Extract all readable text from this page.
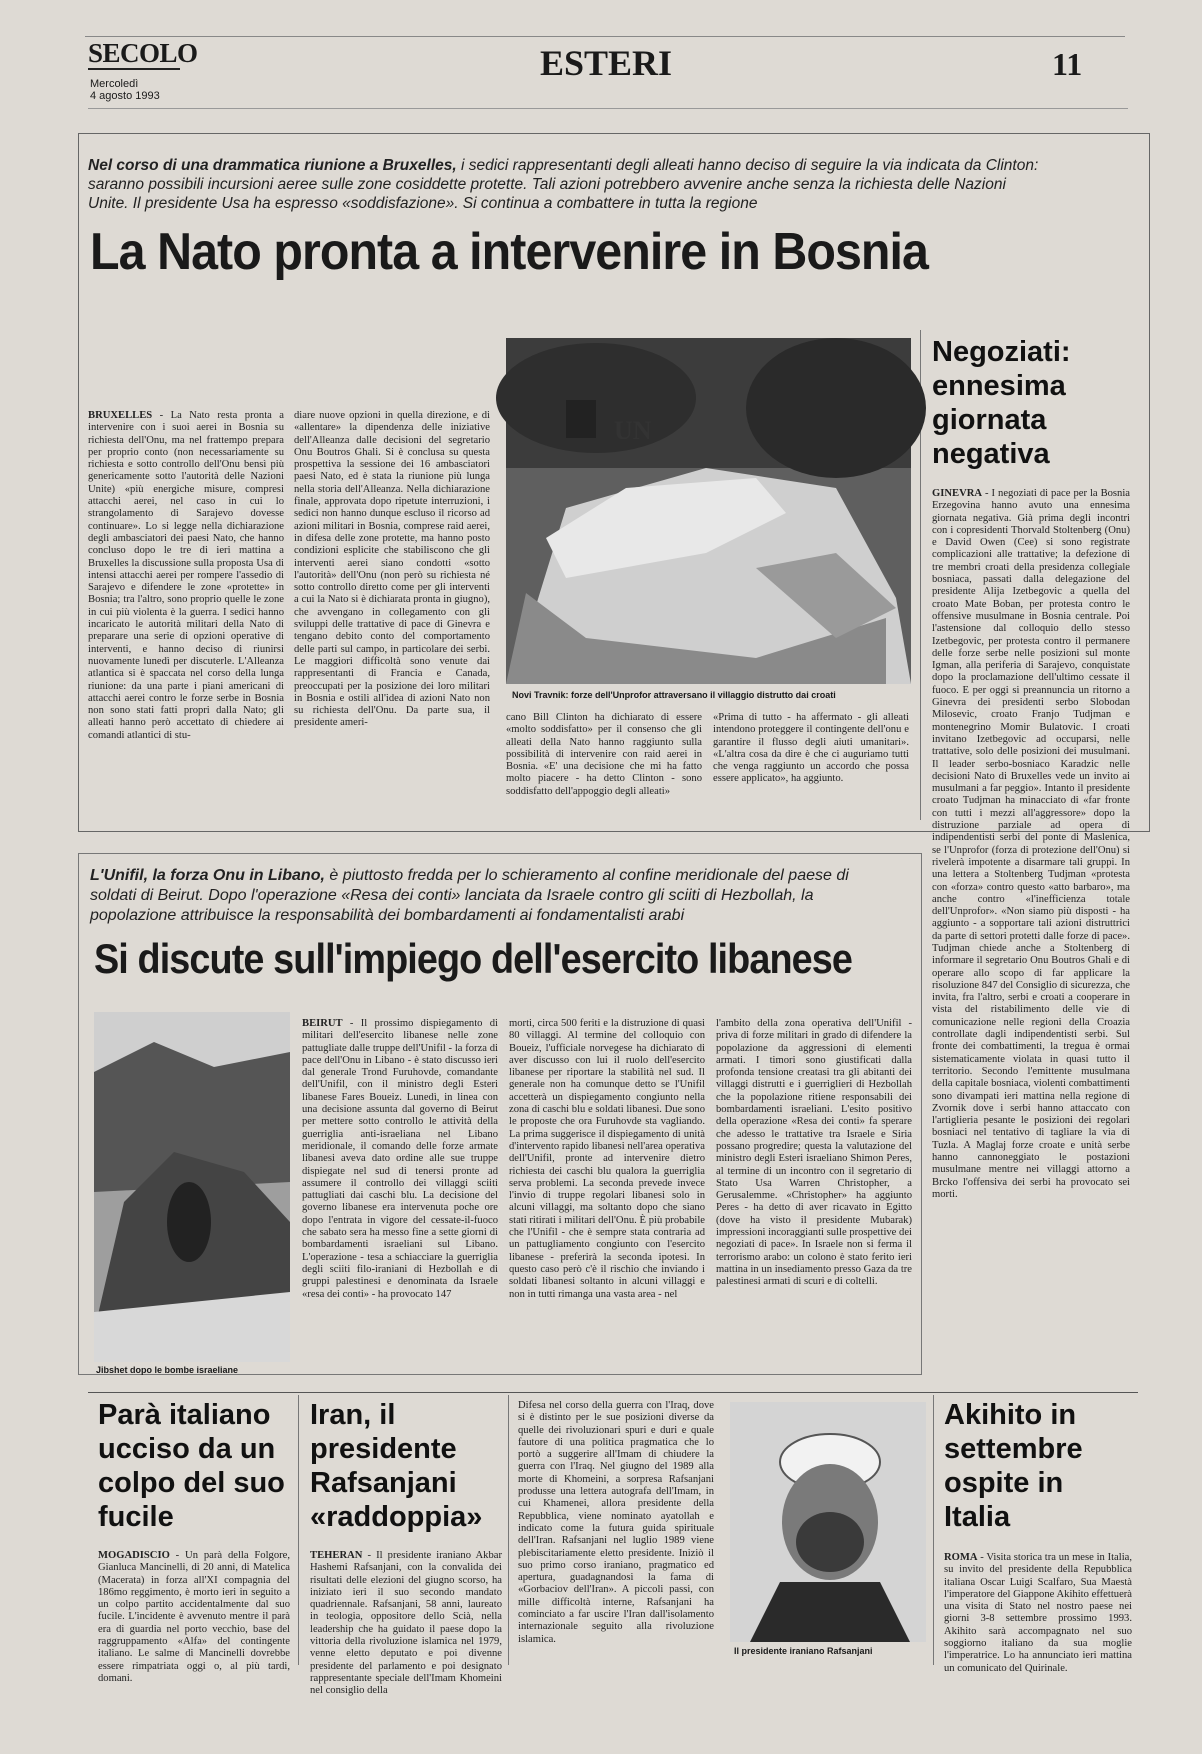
SECOLO
Mercoledì
4 agosto 1993
ESTERI	11
Nel corso di una drammatica riunione a Bruxelles, i sedici rappresentanti degli alleati hanno deciso di seguire la via indicata da Clinton: saranno possibili incursioni aeree sulle zone cosiddette protette. Tali azioni potrebbero avvenire anche senza la richiesta delle Nazioni Unite. Il presidente Usa ha espresso «soddisfazione». Si continua a combattere in tutta la regione
La Nato pronta a intervenire in Bosnia
BRUXELLES - La Nato resta pronta a intervenire con i suoi aerei in Bosnia su richiesta dell'Onu, ma nel frattempo prepara per proprio conto (non necessariamente su richiesta e sotto controllo dell'Onu bensì più genericamente sotto l'autorità delle Nazioni Unite) «più energiche misure, compresi attacchi aerei, nel caso in cui lo strangolamento di Sarajevo dovesse continuare». Lo si legge nella dichiarazione degli ambasciatori dei paesi Nato, che hanno concluso dopo le tre di ieri mattina a Bruxelles la discussione sulla proposta Usa di intensi attacchi aerei per rompere l'assedio di Sarajevo e difendere le zone «protette» in Bosnia; tra l'altro, sono proprio quelle le zone in cui più violenta è la guerra. I sedici hanno incaricato le autorità militari della Nato di preparare una serie di opzioni operative di interventi, e hanno deciso di riunirsi nuovamente lunedì per discuterle. L'Alleanza atlantica si è spaccata nel corso della lunga riunione: da una parte i piani americani di attacchi aerei contro le forze serbe in Bosnia non sono stati fatti propri dalla Nato; gli alleati hanno però accettato di chiedere ai comandi atlantici di stu-
diare nuove opzioni in quella direzione, e di «allentare» la dipendenza delle iniziative dell'Alleanza dalle decisioni del segretario Onu Boutros Ghali. Si è conclusa su questa prospettiva la sessione dei 16 ambasciatori paesi Nato, ed è stata la riunione più lunga nella storia dell'Alleanza. Nella dichiarazione finale, approvata dopo ripetute interruzioni, i sedici non hanno dunque escluso il ricorso ad azioni militari in Bosnia, comprese raid aerei, in difesa delle zone protette, ma hanno posto condizioni esplicite che stabiliscono che gli interventi aerei siano condotti «sotto l'autorità» dell'Onu (non però su richiesta né sotto controllo diretto come per gli interventi a cui la Nato si è dichiarata pronta in giugno), che avvengano in collegamento con gli sviluppi delle trattative di pace di Ginevra e tengano debito conto del comportamento delle parti sul campo, in particolare dei serbi. Le maggiori difficoltà sono venute dai rappresentanti di Francia e Canada, preoccupati per la posizione dei loro militari in Bosnia e ostili all'idea di azioni Nato non su richiesta dell'Onu. Da parte sua, il presidente ameri-
UN
Novi Travnik: forze dell'Unprofor attraversano il villaggio distrutto dai croati
cano Bill Clinton ha dichiarato di essere «molto soddisfatto» per il consenso che gli alleati della Nato hanno raggiunto sulla possibilità di intervenire con raid aerei in Bosnia. «E' una decisione che mi ha fatto molto piacere - ha detto Clinton - sono soddisfatto dell'appoggio degli alleati»
«Prima di tutto - ha affermato - gli alleati intendono proteggere il contingente dell'onu e garantire il flusso degli aiuti umanitari». «L'altra cosa da dire è che ci auguriamo tutti che venga raggiunto un accordo che possa essere applicato», ha aggiunto.
Negoziati: ennesima giornata negativa
GINEVRA - I negoziati di pace per la Bosnia Erzegovina hanno avuto una ennesima giornata negativa. Già prima degli incontri con i copresidenti Thorvald Stoltenberg (Onu) e David Owen (Cee) si sono registrate complicazioni alle trattative; la defezione di tre membri croati della presidenza collegiale bosniaca, passati dalla delegazione del presidente Alija Izetbegovic a quella del croato Mate Boban, per protesta contro le offensive musulmane in Bosnia centrale. Poi l'astensione dal colloquio dello stesso Izetbegovic, per protesta contro il permanere delle forze serbe nelle posizioni sul monte Igman, alla periferia di Sarajevo, conquistate dopo la proclamazione dell'ultimo cessate il fuoco. E per oggi si preannuncia un ritorno a Ginevra dei presidenti serbo Slobodan Milosevic, croato Franjo Tudjman e montenegrino Momir Bulatovic. I croati invitano Izetbegovic ad occuparsi, nelle trattative, solo delle posizioni dei musulmani. Il leader serbo-bosniaco Karadzic nelle decisioni Nato di Bruxelles vede un invito ai musulmani a far peggio». Intanto il presidente croato Tudjman ha minacciato di «far fronte con tutti i mezzi all'aggressore» dopo la distruzione parziale ad opera di indipendentisti serbi del ponte di Maslenica, se l'Unprofor (forza di protezione dell'Onu) si rivelerà impotente a disarmare tali gruppi. In una lettera a Stoltenberg Tudjman «protesta con «forza» contro questo «atto barbaro», ma anche contro «l'inefficienza totale dell'Unprofor». «Non siamo più disposti - ha aggiunto - a sopportare tali azioni distruttrici da parte di settori protetti dalle forze di pace». Tudjman chiede anche a Stoltenberg di informare il segretario Onu Boutros Ghali e di operare allo scopo di far applicare la risoluzione 847 del Consiglio di sicurezza, che invita, fra l'altro, serbi e croati a cooperare in vista del ristabilimento delle vie di comunicazione nelle regioni della Croazia controllate dagli indipendentisti serbi. Sul fronte dei combattimenti, la tregua è ormai sistematicamente violata in quasi tutto il territorio. Secondo l'emittente musulmana della capitale bosniaca, violenti combattimenti sono divampati ieri mattina nella regione di Zvornik dove i serbi hanno attaccato con l'artiglieria pesante le posizioni dei regolari bosniaci nel tentativo di tagliare la via di Tuzla. A Maglaj forze croate e unità serbe hanno cannoneggiato le postazioni musulmane mentre nei villaggi attorno a Brcko l'offensiva dei serbi ha provocato sei morti.
L'Unifil, la forza Onu in Libano, è piuttosto fredda per lo schieramento al confine meridionale del paese di soldati di Beirut. Dopo l'operazione «Resa dei conti» lanciata da Israele contro gli sciiti di Hezbollah, la popolazione attribuisce la responsabilità dei bombardamenti ai fondamentalisti arabi
Si discute sull'impiego dell'esercito libanese
Jibshet dopo le bombe israeliane
BEIRUT - Il prossimo dispiegamento di militari dell'esercito libanese nelle zone pattugliate dalle truppe dell'Unifil - la forza di pace dell'Onu in Libano - è stato discusso ieri dal generale Trond Furuhovde, comandante dell'Unifil, con il ministro degli Esteri libanese Fares Boueiz. Lunedì, in linea con una decisione assunta dal governo di Beirut per mettere sotto controllo le attività della guerriglia anti-israeliana nel Libano meridionale, il comando delle forze armate libanesi aveva dato ordine alle sue truppe dispiegate nel sud di tenersi pronte ad assumere il controllo dei villaggi sciiti pattugliati dai caschi blu. La decisione del governo libanese era intervenuta poche ore dopo l'entrata in vigore del cessate-il-fuoco che sabato sera ha messo fine a sette giorni di bombardamenti israeliani sul Libano. L'operazione - tesa a schiacciare la guerriglia degli sciiti filo-iraniani di Hezbollah e di gruppi palestinesi e denominata da Israele «resa dei conti» - ha provocato 147
morti, circa 500 feriti e la distruzione di quasi 80 villaggi. Al termine del colloquio con Boueiz, l'ufficiale norvegese ha dichiarato di aver discusso con lui il ruolo dell'esercito libanese per riportare la stabilità nel sud. Il generale non ha comunque detto se l'Unifil accetterà un dispiegamento congiunto nella zona di caschi blu e soldati libanesi. Due sono le proposte che ora Furuhovde sta vagliando. La prima suggerisce il dispiegamento di unità d'intervento rapido libanesi nell'area operativa dell'Unifil, pronte ad intervenire dietro richiesta dei caschi blu qualora la guerriglia serva problemi. La seconda prevede invece l'invio di truppe regolari libanesi solo in alcuni villaggi, ma soltanto dopo che siano stati ritirati i militari dell'Onu. È più probabile che l'Unifil - che è sempre stata contraria ad un pattugliamento congiunto con l'esercito libanese - preferirà la seconda ipotesi. In questo caso però c'è il rischio che inviando i soldati libanesi soltanto in alcuni villaggi e non in tutti rimanga una vasta area - nel
l'ambito della zona operativa dell'Unifil - priva di forze militari in grado di difendere la popolazione da aggressioni di elementi armati. I timori sono giustificati dalla profonda tensione creatasi tra gli abitanti dei villaggi distrutti e i guerriglieri di Hezbollah che la popolazione ritiene responsabili dei bombardamenti israeliani. L'esito positivo della operazione «Resa dei conti» fa sperare che adesso le trattative tra Israele e Siria possano progredire; questa la valutazione del ministro degli Esteri israeliano Shimon Peres, al termine di un incontro con il segretario di Stato Usa Warren Christopher, a Gerusalemme. «Christopher» ha aggiunto Peres - ha detto di aver ricavato in Egitto (dove ha visto il presidente Mubarak) impressioni incoraggianti sulle prospettive dei negoziati di pace». In Israele non si ferma il terrorismo arabo: un colono è stato ferito ieri mattina in un insediamento presso Gaza da tre palestinesi armati di scuri e di coltelli.
Parà italiano ucciso da un colpo del suo fucile
MOGADISCIO - Un parà della Folgore, Gianluca Mancinelli, di 20 anni, di Matelica (Macerata) in forza all'XI compagnia del 186mo reggimento, è morto ieri in seguito a un colpo partito accidentalmente dal suo fucile. L'incidente è avvenuto mentre il parà era di guardia nel porto vecchio, base del raggruppamento «Alfa» del contingente italiano. Le salme di Mancinelli dovrebbe essere rimpatriata oggi o, al più tardi, domani.
Iran, il presidente Rafsanjani «raddoppia»
TEHERAN - Il presidente iraniano Akbar Hashemi Rafsanjani, con la convalida dei risultati delle elezioni del giugno scorso, ha iniziato ieri il suo secondo mandato quadriennale. Rafsanjani, 58 anni, laureato in teologia, oppositore dello Scià, nella leadership che ha guidato il paese dopo la vittoria della rivoluzione islamica nel 1979, venne eletto deputato e poi divenne presidente del parlamento e poi designato rappresentante speciale dell'Imam Khomeini nel consiglio della
Difesa nel corso della guerra con l'Iraq, dove si è distinto per le sue posizioni diverse da quelle dei rivoluzionari spuri e duri e quale fautore di una politica pragmatica che lo portò a suggerire all'Imam di chiudere la guerra con l'Iraq. Nel giugno del 1989 alla morte di Khomeini, a sorpresa Rafsanjani produsse una lettera autografa dell'Imam, in cui Khamenei, allora presidente della Repubblica, viene nominato ayatollah e indicato come la futura guida spirituale dell'Iran. Rafsanjani nel luglio 1989 viene plebiscitariamente eletto presidente. Iniziò il suo primo corso iraniano, pragmatico ed apertura, guadagnandosi la fama di «Gorbaciov dell'Iran». A piccoli passi, con mille difficoltà interne, Rafsanjani ha cominciato a far uscire l'Iran dall'isolamento internazionale seguito alla rivoluzione islamica.
Il presidente iraniano Rafsanjani
Akihito in settembre ospite in Italia
ROMA - Visita storica tra un mese in Italia, su invito del presidente della Repubblica italiana Oscar Luigi Scalfaro, Sua Maestà l'imperatore del Giappone Akihito effettuerà una visita di Stato nel nostro paese nei giorni 3-8 settembre prossimo 1993. Akihito sarà accompagnato nel suo soggiorno italiano da sua moglie l'imperatrice. Lo ha annunciato ieri mattina un comunicato del Quirinale.
